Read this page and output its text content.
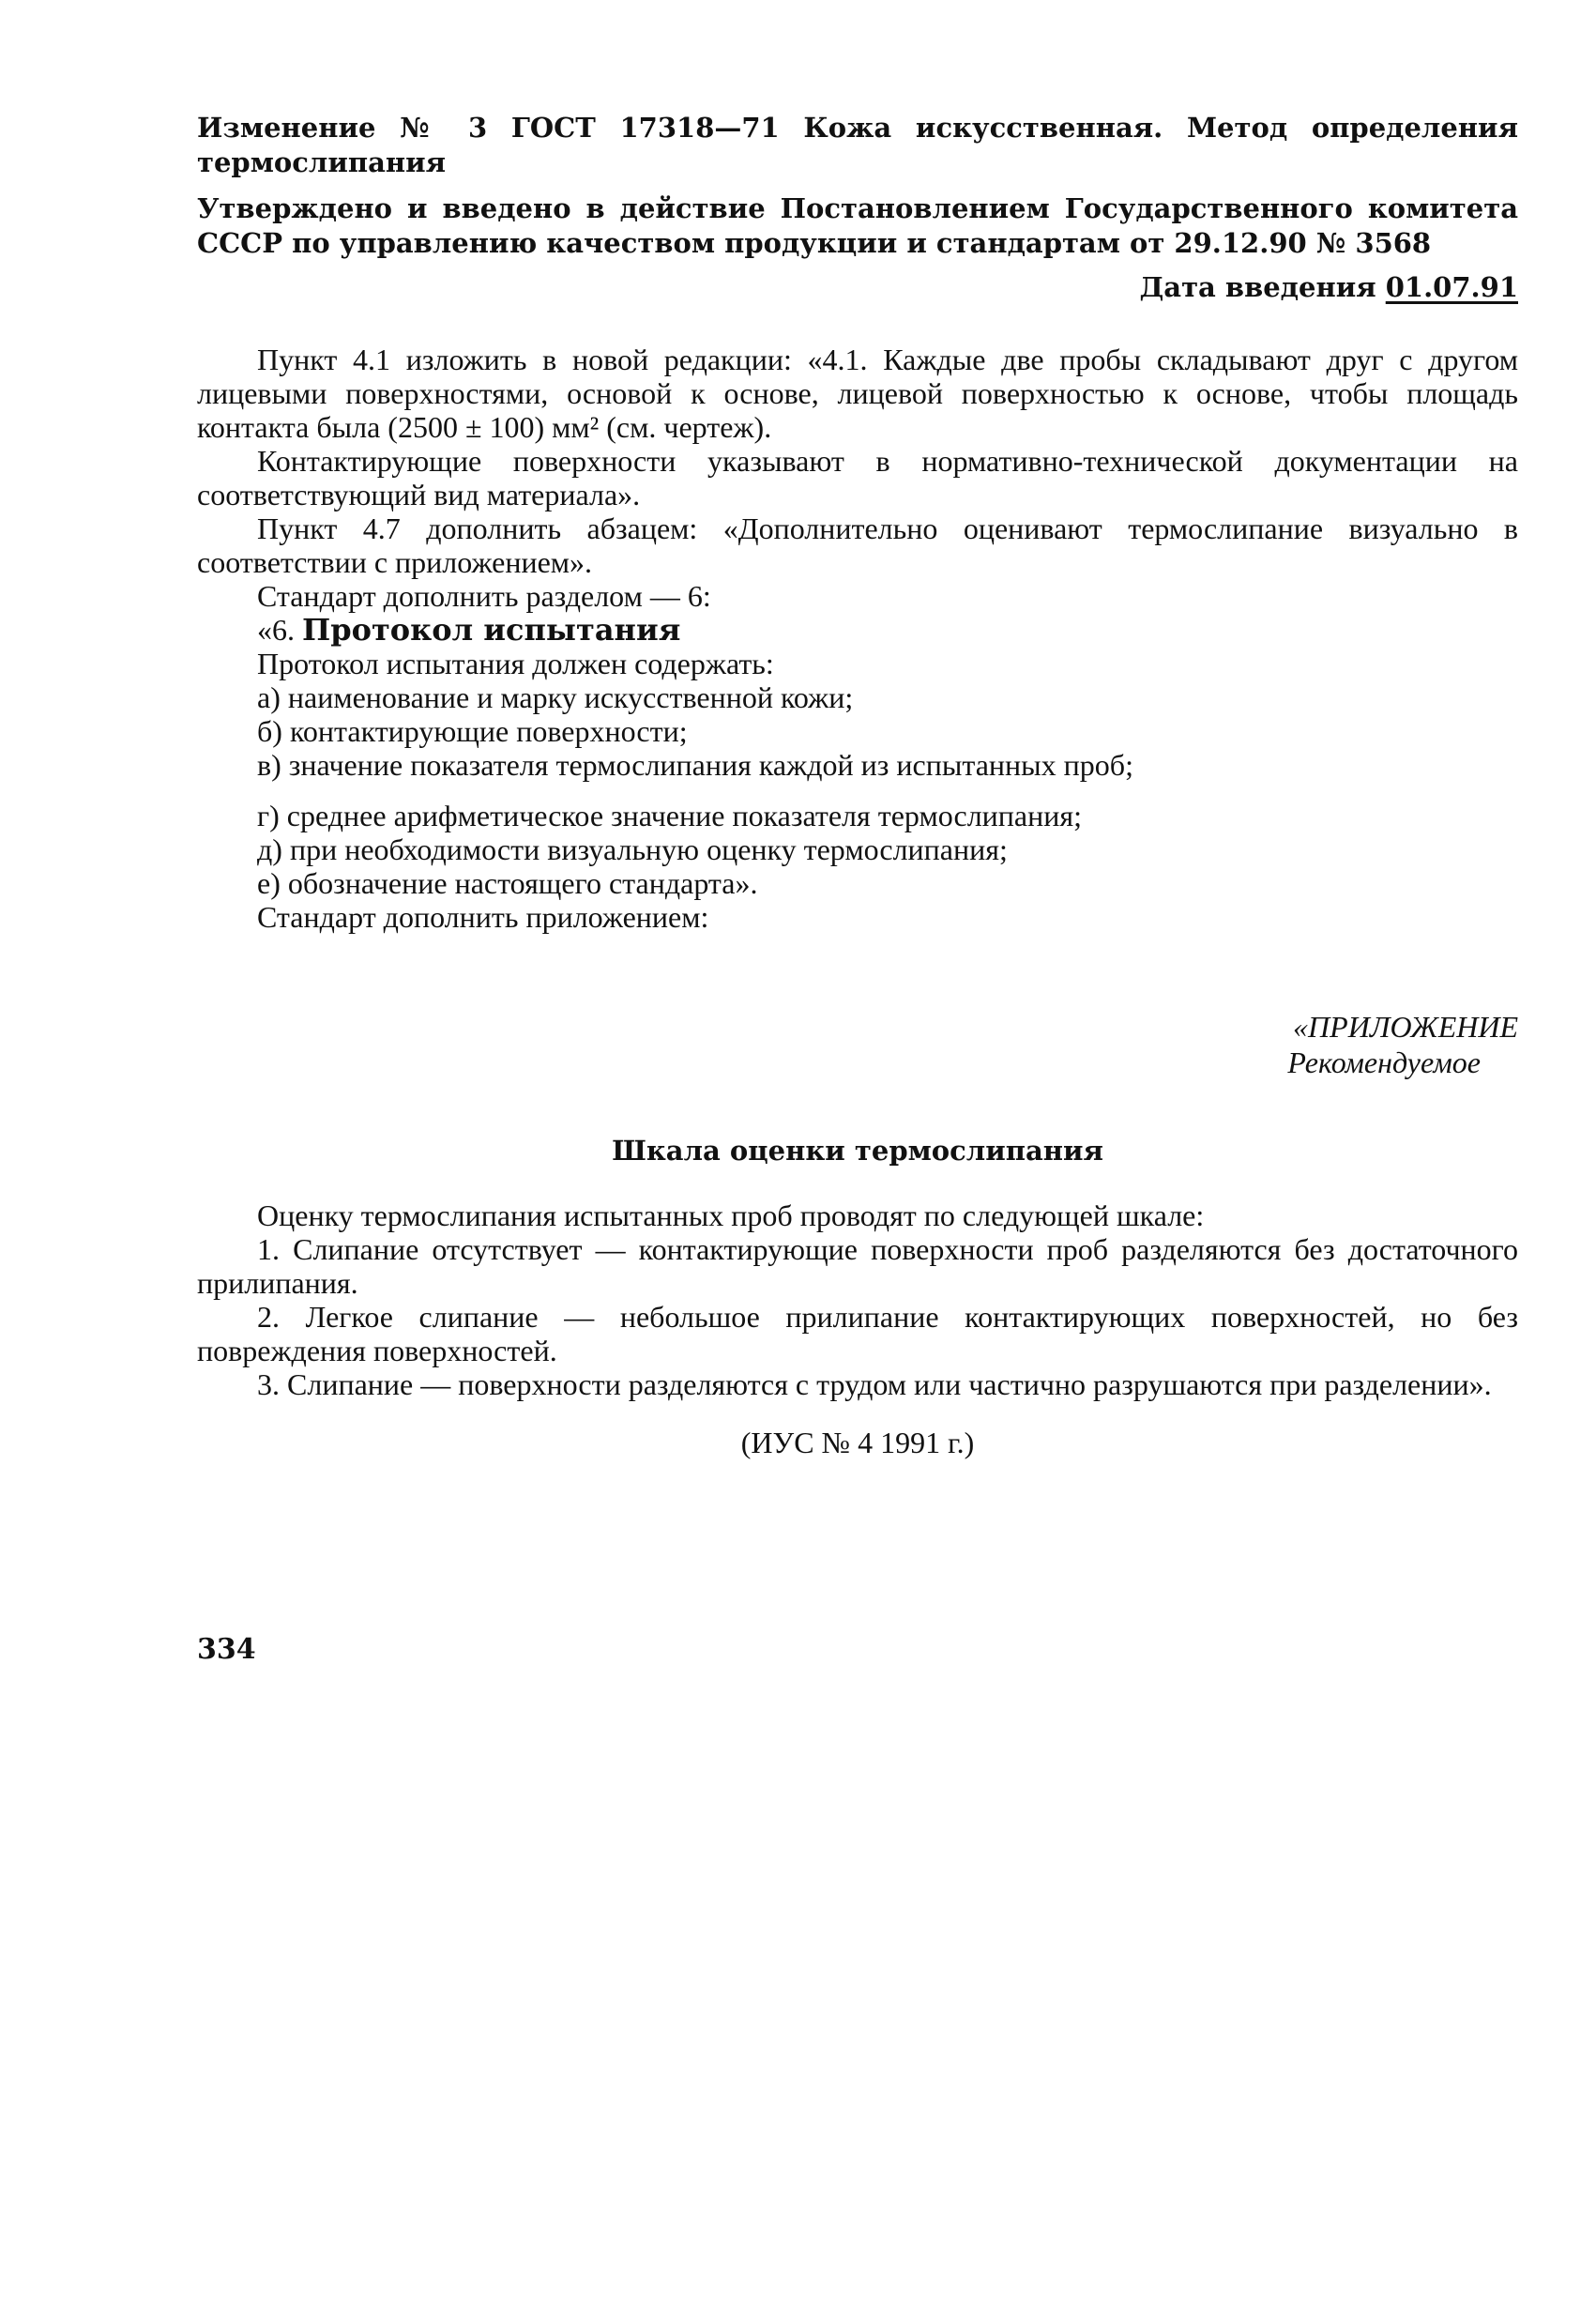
Изменение № 3 ГОСТ 17318—71 Кожа искусственная. Метод определения термослипания

Утверждено и введено в действие Постановлением Государственного комитета СССР по управлению качеством продукции и стандартам от 29.12.90 № 3568

Дата введения 01.07.91

Пункт 4.1 изложить в новой редакции: «4.1. Каждые две пробы складывают друг с другом лицевыми поверхностями, основой к основе, лицевой поверхностью к основе, чтобы площадь контакта была (2500 ± 100) мм² (см. чертеж).

Контактирующие поверхности указывают в нормативно-технической документации на соответствующий вид материала».

Пункт 4.7 дополнить абзацем: «Дополнительно оценивают термослипание визуально в соответствии с приложением».

Стандарт дополнить разделом — 6:

«6. Протокол испытания

Протокол испытания должен содержать:

а) наименование и марку искусственной кожи;

б) контактирующие поверхности;

в) значение показателя термослипания каждой из испытанных проб;

г) среднее арифметическое значение показателя термослипания;

д) при необходимости визуальную оценку термослипания;

е) обозначение настоящего стандарта».

Стандарт дополнить приложением:

«ПРИЛОЖЕНИЕ
Рекомендуемое
Шкала оценки термослипания

Оценку термослипания испытанных проб проводят по следующей шкале:

1. Слипание отсутствует — контактирующие поверхности проб разделяются без достаточного прилипания.

2. Легкое слипание — небольшое прилипание контактирующих поверхностей, но без повреждения поверхностей.

3. Слипание — поверхности разделяются с трудом или частично разрушаются при разделении».

(ИУС № 4 1991 г.)
334
